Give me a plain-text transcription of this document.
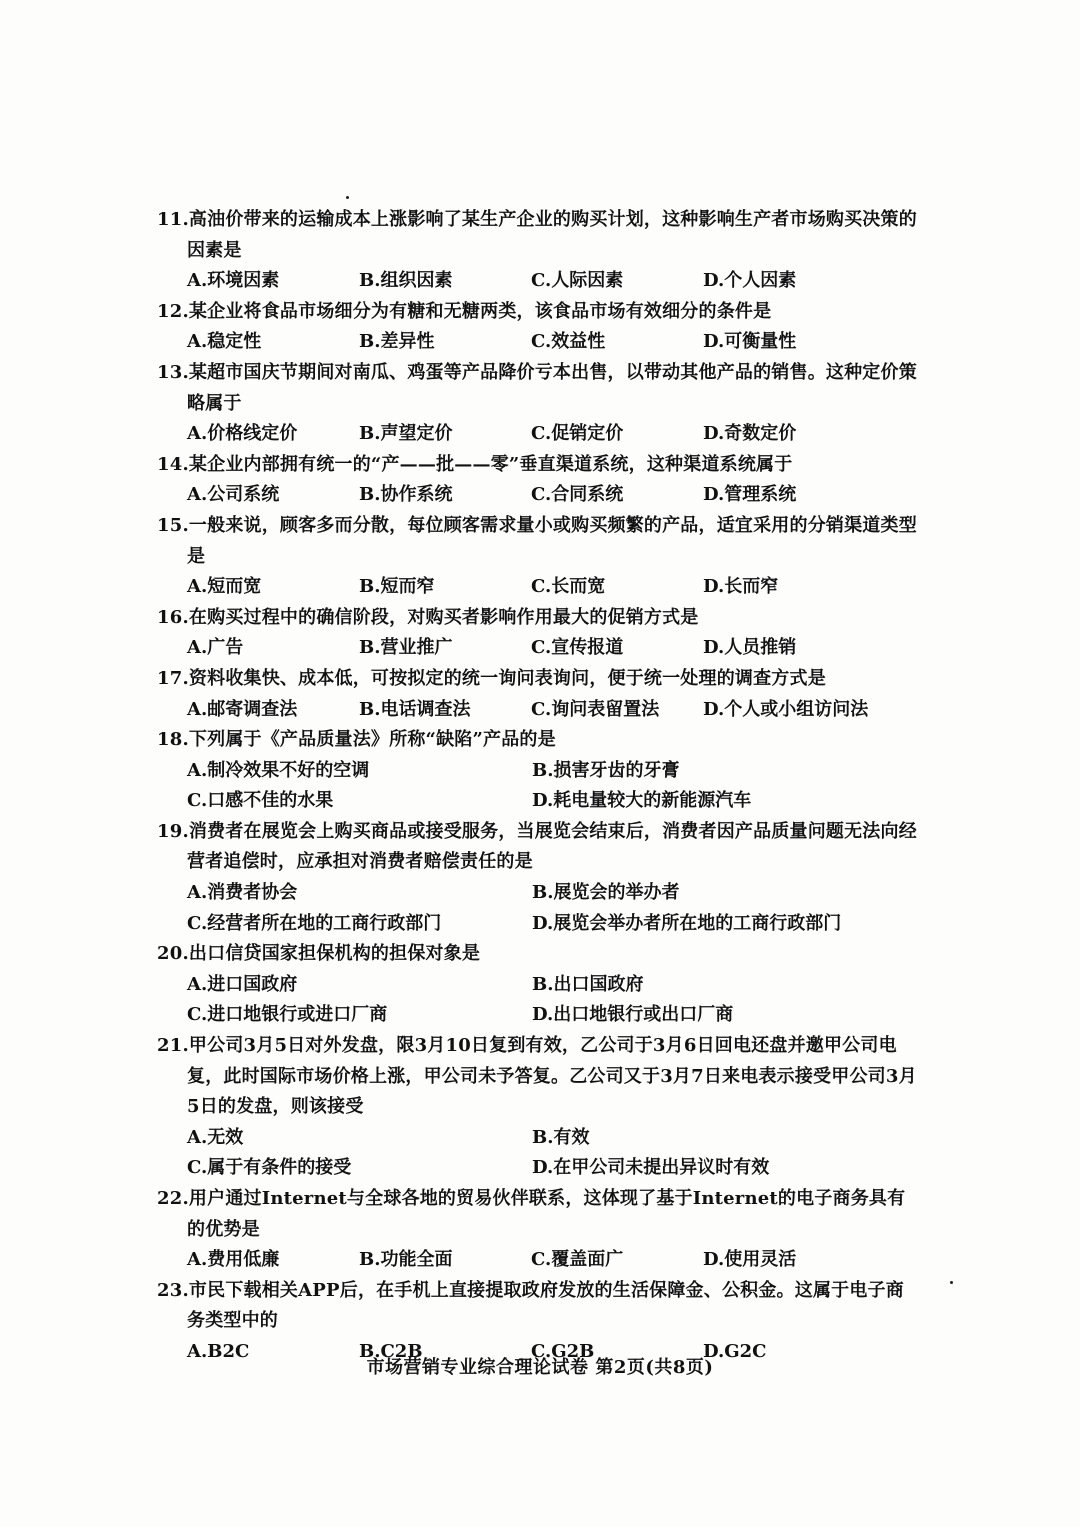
11.高油价带来的运输成本上涨影响了某生产企业的购买计划，这种影响生产者市场购买决策的因素是
A.环境因素	B.组织因素	C.人际因素	D.个人因素
12.某企业将食品市场细分为有糖和无糖两类，该食品市场有效细分的条件是
A.稳定性	B.差异性	C.效益性	D.可衡量性
13.某超市国庆节期间对南瓜、鸡蛋等产品降价亏本出售，以带动其他产品的销售。这种定价策略属于
A.价格线定价	B.声望定价	C.促销定价	D.奇数定价
14.某企业内部拥有统一的“产——批——零”垂直渠道系统，这种渠道系统属于
A.公司系统	B.协作系统	C.合同系统	D.管理系统
15.一般来说，顾客多而分散，每位顾客需求量小或购买频繁的产品，适宜采用的分销渠道类型是
A.短而宽	B.短而窄	C.长而宽	D.长而窄
16.在购买过程中的确信阶段，对购买者影响作用最大的促销方式是
A.广告	B.营业推广	C.宣传报道	D.人员推销
17.资料收集快、成本低，可按拟定的统一询问表询问，便于统一处理的调查方式是
A.邮寄调查法	B.电话调查法	C.询问表留置法	D.个人或小组访问法
18.下列属于《产品质量法》所称“缺陷”产品的是
A.制冷效果不好的空调	B.损害牙齿的牙膏
C.口感不佳的水果	D.耗电量较大的新能源汽车
19.消费者在展览会上购买商品或接受服务，当展览会结束后，消费者因产品质量问题无法向经营者追偿时，应承担对消费者赔偿责任的是
A.消费者协会	B.展览会的举办者
C.经营者所在地的工商行政部门	D.展览会举办者所在地的工商行政部门
20.出口信贷国家担保机构的担保对象是
A.进口国政府	B.出口国政府
C.进口地银行或进口厂商	D.出口地银行或出口厂商
21.甲公司3月5日对外发盘，限3月10日复到有效，乙公司于3月6日回电还盘并邀甲公司电复，此时国际市场价格上涨，甲公司未予答复。乙公司又于3月7日来电表示接受甲公司3月5日的发盘，则该接受
A.无效	B.有效
C.属于有条件的接受	D.在甲公司未提出异议时有效
22.用户通过Internet与全球各地的贸易伙伴联系，这体现了基于Internet的电子商务具有的优势是
A.费用低廉	B.功能全面	C.覆盖面广	D.使用灵活
23.市民下载相关APP后，在手机上直接提取政府发放的生活保障金、公积金。这属于电子商务类型中的
A.B2C	B.C2B	C.G2B	D.G2C
市场营销专业综合理论试卷 第2页(共8页)
